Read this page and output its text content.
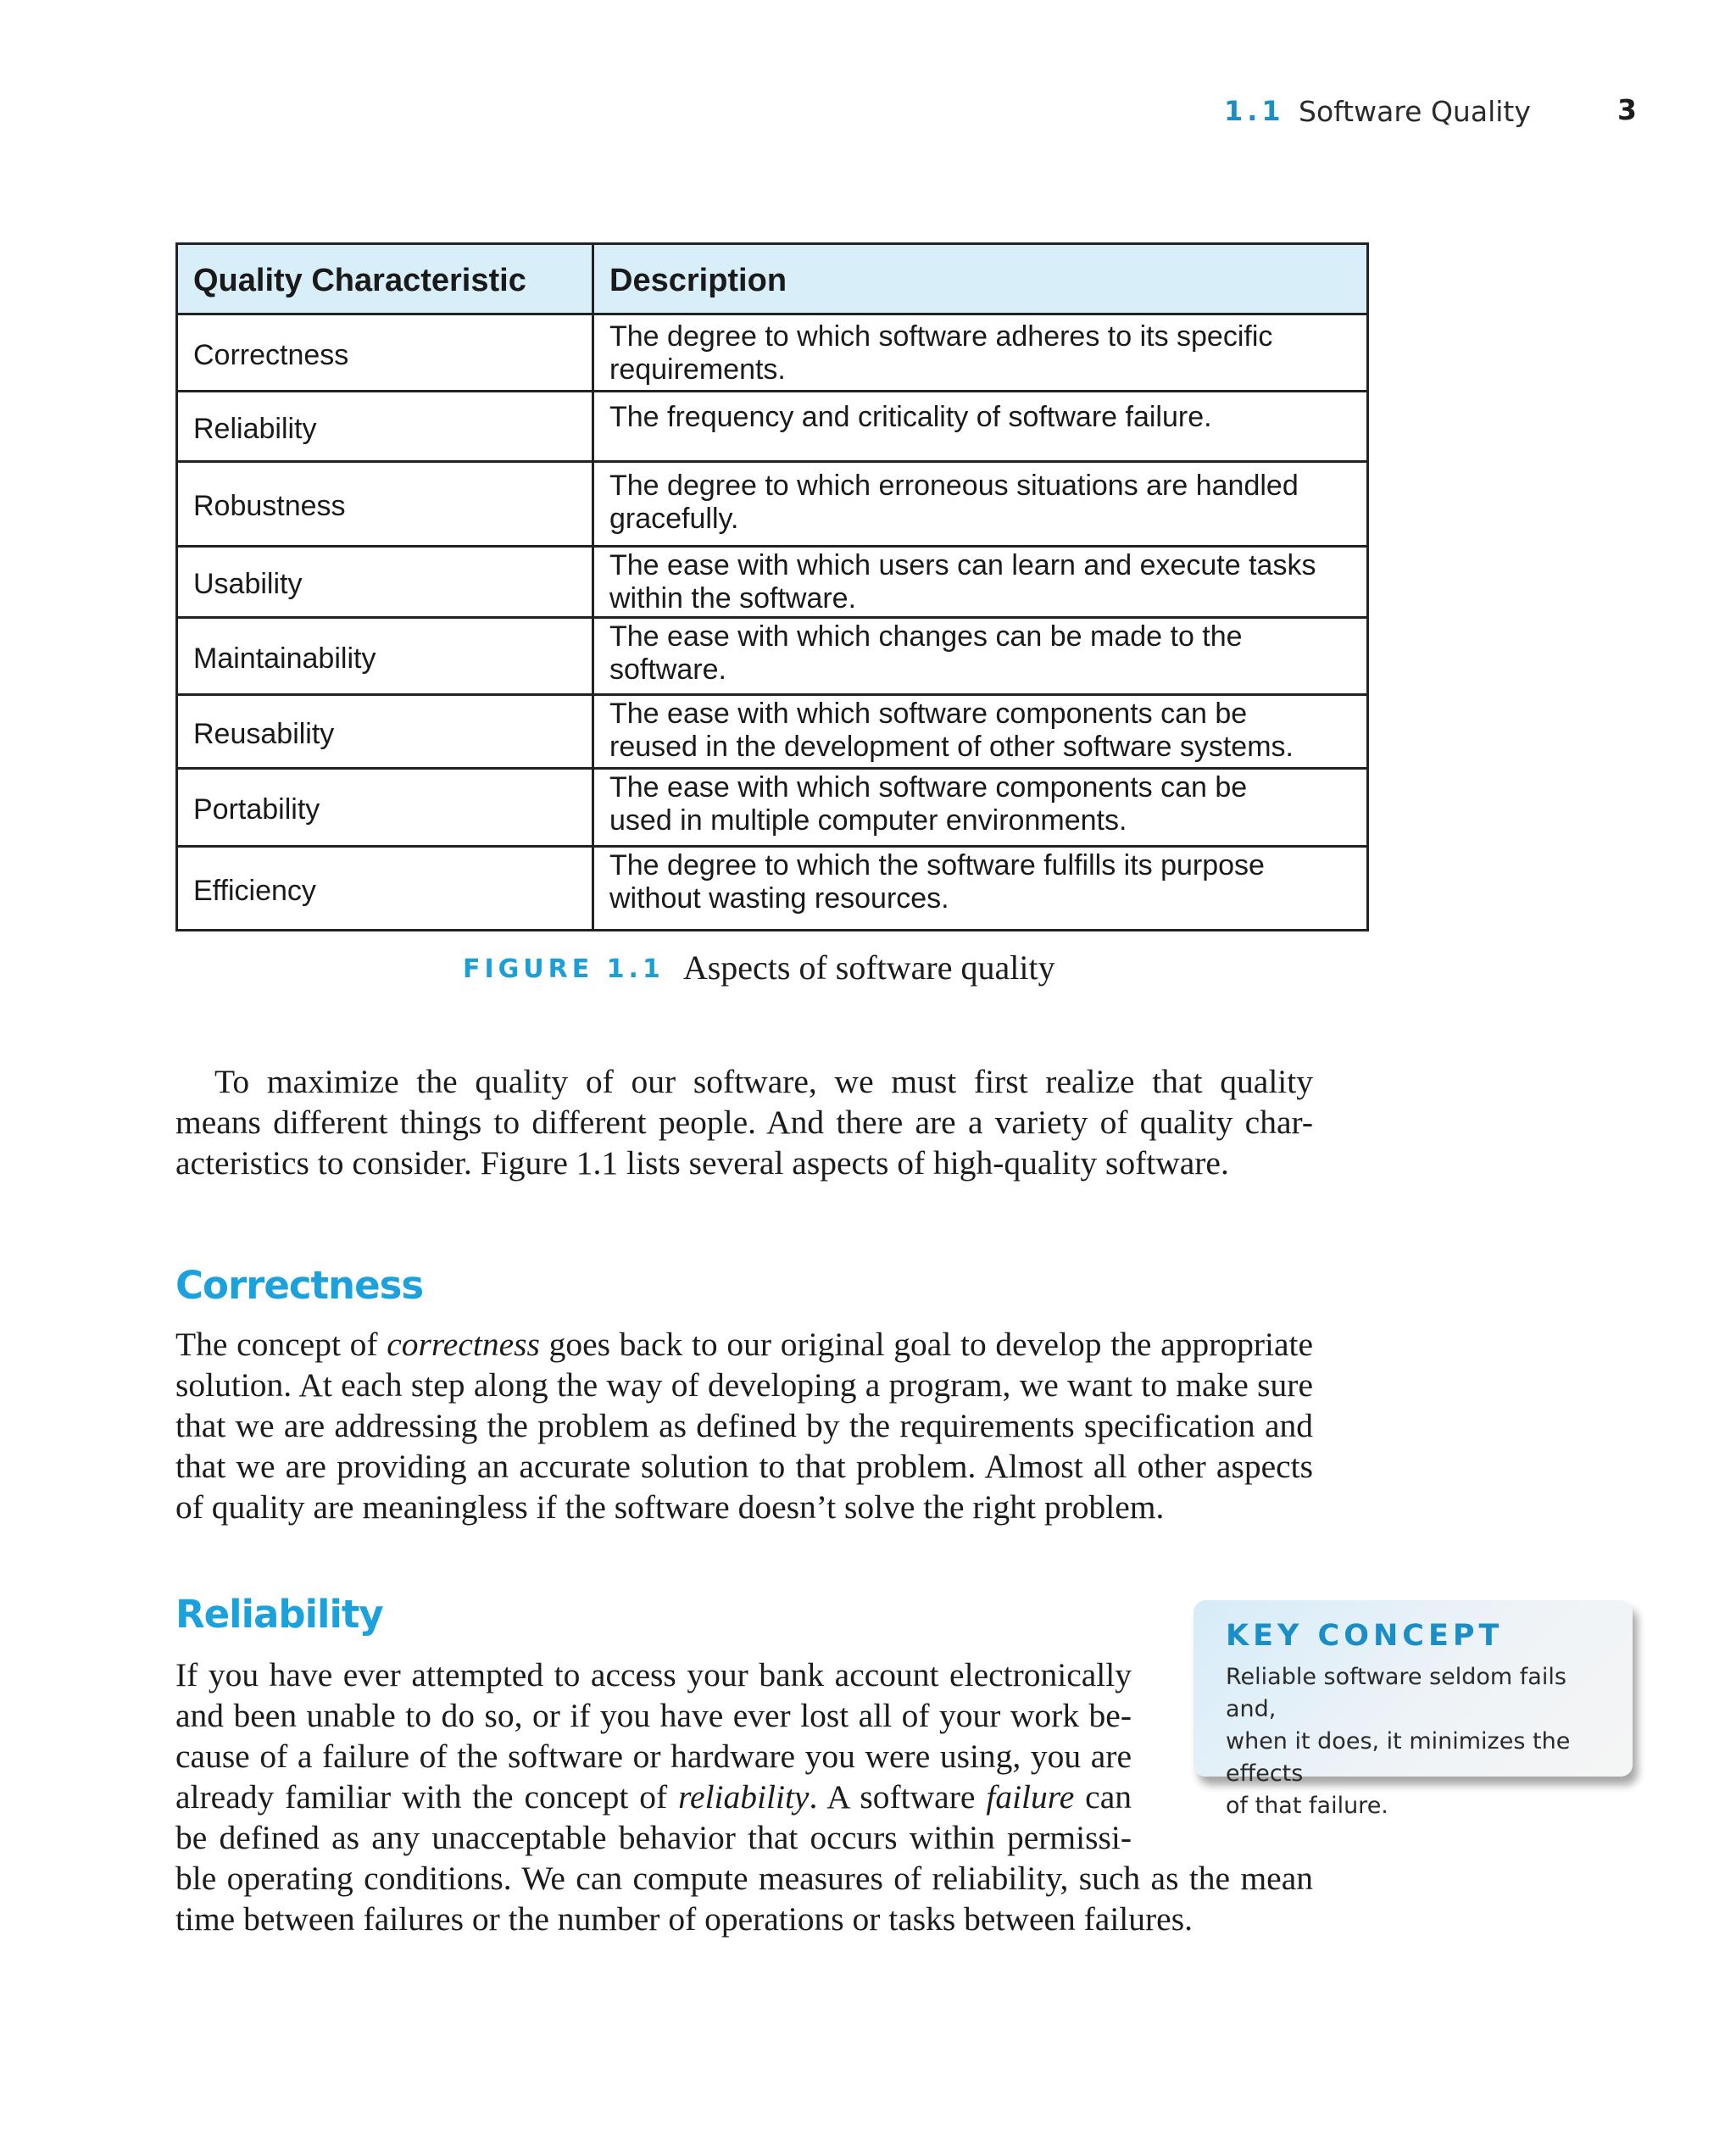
1.1 Software Quality	3
Quality Characteristic	Description
Correctness	The degree to which software adheres to its specific
requirements.
Reliability	The frequency and criticality of software failure.
Robustness	The degree to which erroneous situations are handled
gracefully.
Usability	The ease with which users can learn and execute tasks
within the software.
Maintainability	The ease with which changes can be made to the
software.
Reusability	The ease with which software components can be
reused in the development of other software systems.
Portability	The ease with which software components can be
used in multiple computer environments.
Efficiency	The degree to which the software fulfills its purpose
without wasting resources.
FIGURE 1.1 Aspects of software quality

To maximize the quality of our software, we must first realize that quality
means different things to different people. And there are a variety of quality char-
acteristics to consider. Figure 1.1 lists several aspects of high-quality software.

Correctness

The concept of correctness goes back to our original goal to develop the appropriate
solution. At each step along the way of developing a program, we want to make sure
that we are addressing the problem as defined by the requirements specification and
that we are providing an accurate solution to that problem. Almost all other aspects
of quality are meaningless if the software doesn’t solve the right problem.

Reliability

If you have ever attempted to access your bank account electronically
and been unable to do so, or if you have ever lost all of your work be-
cause of a failure of the software or hardware you were using, you are
already familiar with the concept of reliability. A software failure can
be defined as any unacceptable behavior that occurs within permissi-

ble operating conditions. We can compute measures of reliability, such as the mean
time between failures or the number of operations or tasks between failures.

KEY CONCEPT

Reliable software seldom fails and,
when it does, it minimizes the effects
of that failure.
